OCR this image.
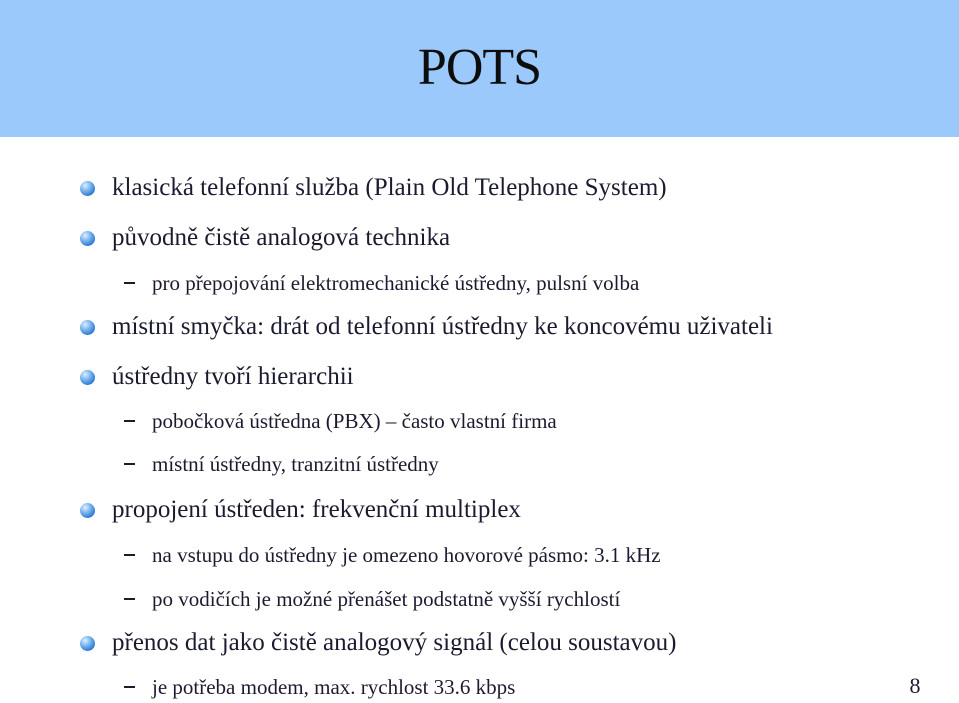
POTS
klasická telefonní služba (Plain Old Telephone System)
původně čistě analogová technika
pro přepojování elektromechanické ústředny, pulsní volba
místní smyčka: drát od telefonní ústředny ke koncovému uživateli
ústředny tvoří hierarchii
pobočková ústředna (PBX) – často vlastní firma
místní ústředny, tranzitní ústředny
propojení ústředen: frekvenční multiplex
na vstupu do ústředny je omezeno hovorové pásmo: 3.1 kHz
po vodičích je možné přenášet podstatně vyšší rychlostí
přenos dat jako čistě analogový signál (celou soustavou)
je potřeba modem, max. rychlost 33.6 kbps	8
